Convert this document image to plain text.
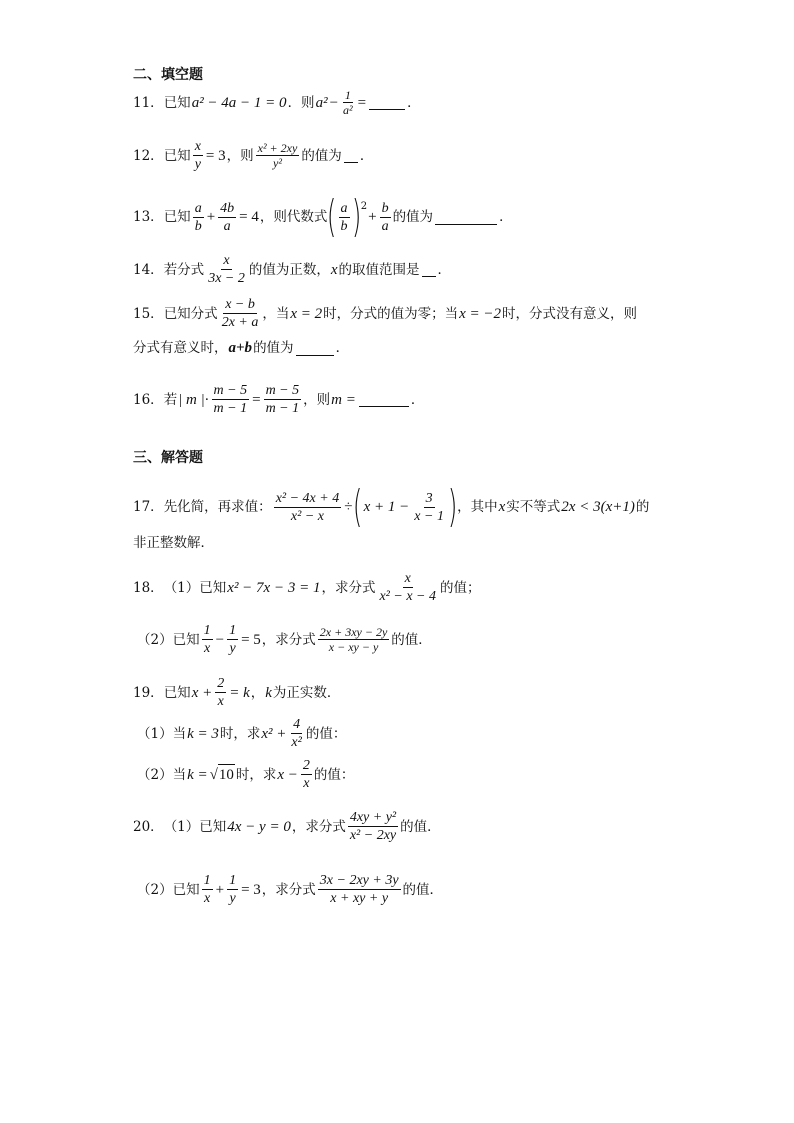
二、填空题
11． 已知 a² − 4a − 1 = 0 ．则 $a^2 - \frac{1}{\text{a²}}$ =	．
12． 已知 $\frac{x}{y} = 3$ ，则 $\frac{\text{x² + 2xy}}{\text{y²}}$ 的值为 ．
13． 已知 $\frac{a}{b} + \frac{4b}{a} = 4$ ，则代数式 ( $\frac{a}{b}$ ) 2
+ $\frac{b}{a}$ 的值为	．
14． 若分式 $\frac{x}{3x - 2}$ 的值为正数， x 的取值范围是 ．
15． 已知分式 $\frac{x - b}{2x + a}$ ，当 x = 2 时，分式的值为零；当 x = −2 时，分式没有意义，则
分式有意义时， a+b 的值为	．
16． 若 | m |· $\frac{m - 5}{m - 1} = \frac{m - 5}{m - 1}$ ，则 m =	．
三、解答题
17． 先化简，再求值： $\frac{\text{x² − 4x + 4}}{\text{x² − x}}$ ÷ ( $x + 1 - \frac{3}{x - 1}$ ) ，其中 x 实不等式 2x < 3(x+1) 的
非正整数解．
18． （1）已知 x² − 7x − 3 = 1 ，求分式 $\frac{x}{\text{x² − x − 4}}$ 的值；
（2）已知 $\frac{1}{x} - \frac{1}{y} = 5$ ，求分式 $\frac{2x + 3xy - 2y}{x - xy - y}$ 的值．
19． 已知 $x + \frac{2}{x} = k$ ， k 为正实数．
（1）当 k = 3 时，求 $x^2 + \frac{4}{\text{x²}}$ 的值：
（2）当 k = √ 10 时，求 $x - \frac{2}{x}$ 的值：
20． （1）已知 4x − y = 0 ，求分式 $\frac{\text{4xy + y²}}{\text{x² − 2xy}}$ 的值．
（2）已知 $\frac{1}{x} + \frac{1}{y} = 3$ ，求分式 $\frac{3x - 2xy + 3y}{x + xy + y}$ 的值．
